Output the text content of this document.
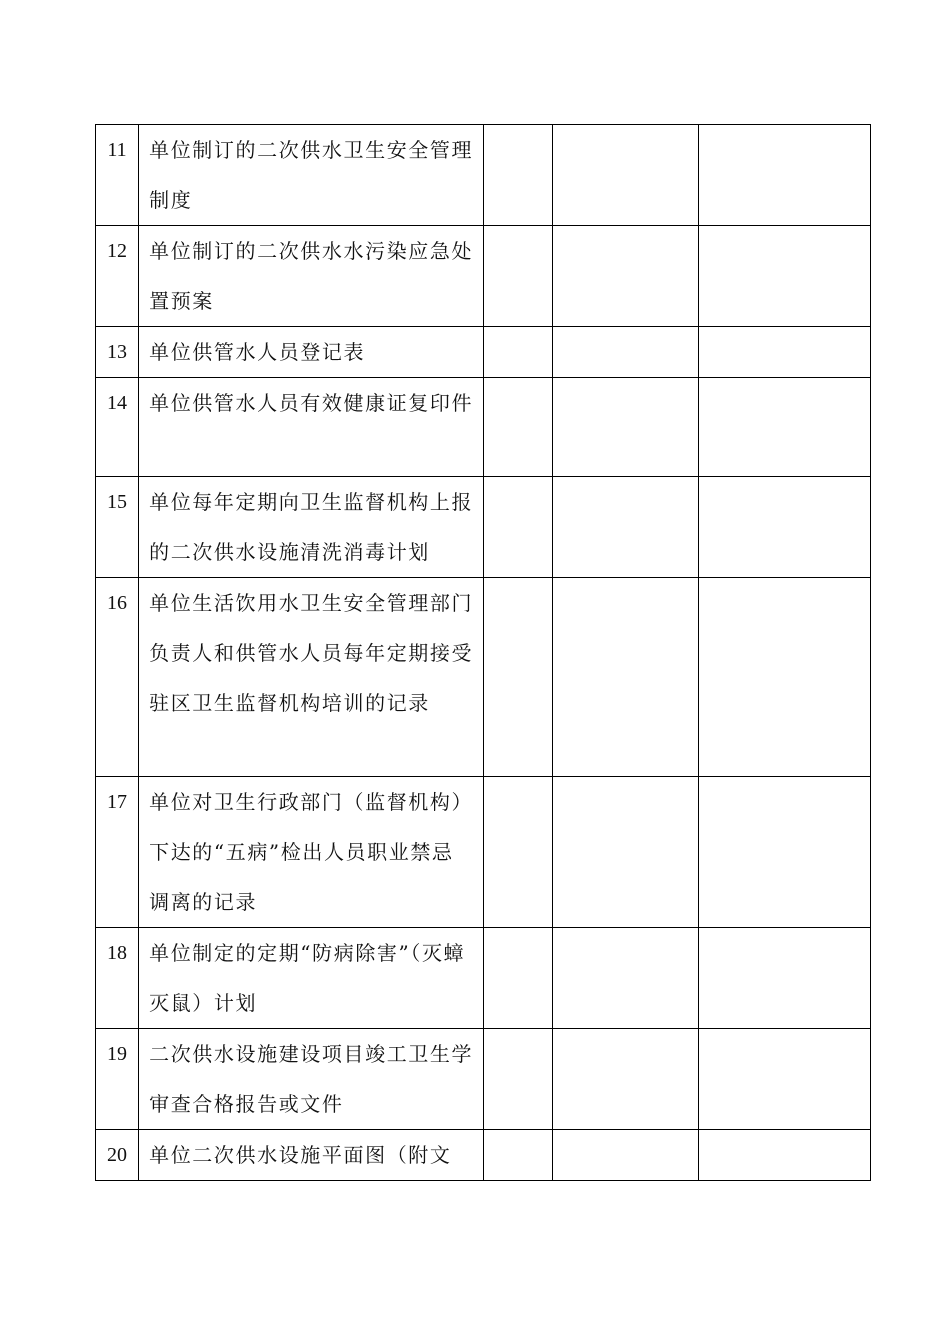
11	单位制订的二次供水卫生安全管理制度			
12	单位制订的二次供水水污染应急处置预案			
13	单位供管水人员登记表			
14	单位供管水人员有效健康证复印件			
15	单位每年定期向卫生监督机构上报的二次供水设施清洗消毒计划			
16	单位生活饮用水卫生安全管理部门负责人和供管水人员每年定期接受驻区卫生监督机构培训的记录			
17	单位对卫生行政部门（监督机构）下达的“五病”检出人员职业禁忌调离的记录			
18	单位制定的定期“防病除害”（灭蟑灭鼠）计划			
19	二次供水设施建设项目竣工卫生学审查合格报告或文件			
20	单位二次供水设施平面图（附文			
